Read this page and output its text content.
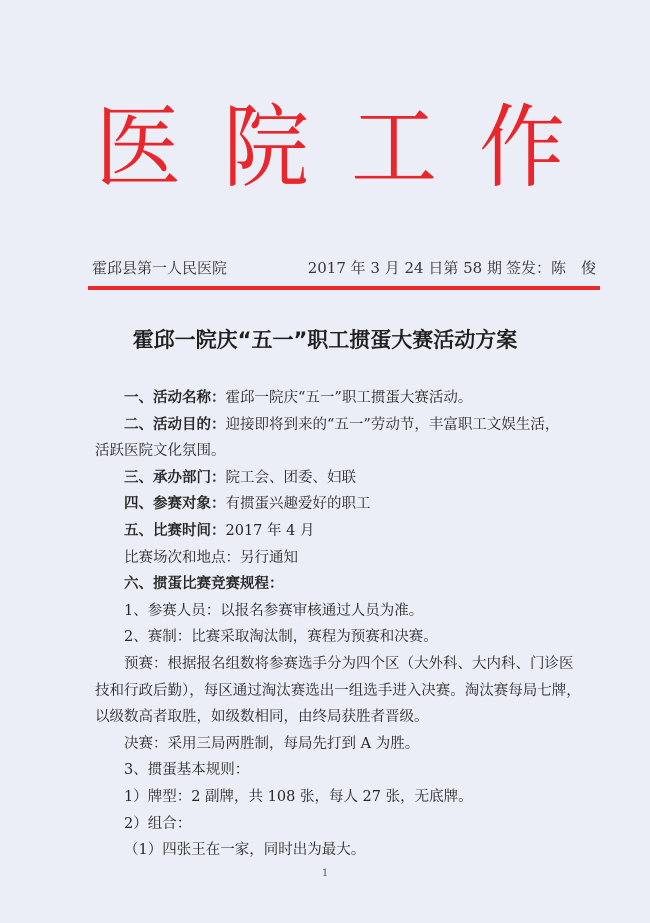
医 院 工 作
霍邱县第一人民医院	2017 年 3 月 24 日第 58 期 签发：陈　俊
霍邱一院庆“五一”职工掼蛋大赛活动方案
一、活动名称：霍邱一院庆“五一”职工掼蛋大赛活动。
二、活动目的：迎接即将到来的“五一”劳动节，丰富职工文娱生活，
活跃医院文化氛围。
三、承办部门：院工会、团委、妇联
四、参赛对象：有掼蛋兴趣爱好的职工
五、比赛时间：2017 年 4 月
比赛场次和地点：另行通知
六、掼蛋比赛竞赛规程：
1、参赛人员：以报名参赛审核通过人员为准。
2、赛制：比赛采取淘汰制，赛程为预赛和决赛。
预赛：根据报名组数将参赛选手分为四个区（大外科、大内科、门诊医
技和行政后勤），每区通过淘汰赛选出一组选手进入决赛。淘汰赛每局七牌，
以级数高者取胜，如级数相同，由终局获胜者晋级。
决赛：采用三局两胜制，每局先打到 A 为胜。
3、掼蛋基本规则：
1）牌型：2 副牌，共 108 张，每人 27 张，无底牌。
2）组合：
（1）四张王在一家，同时出为最大。
1
